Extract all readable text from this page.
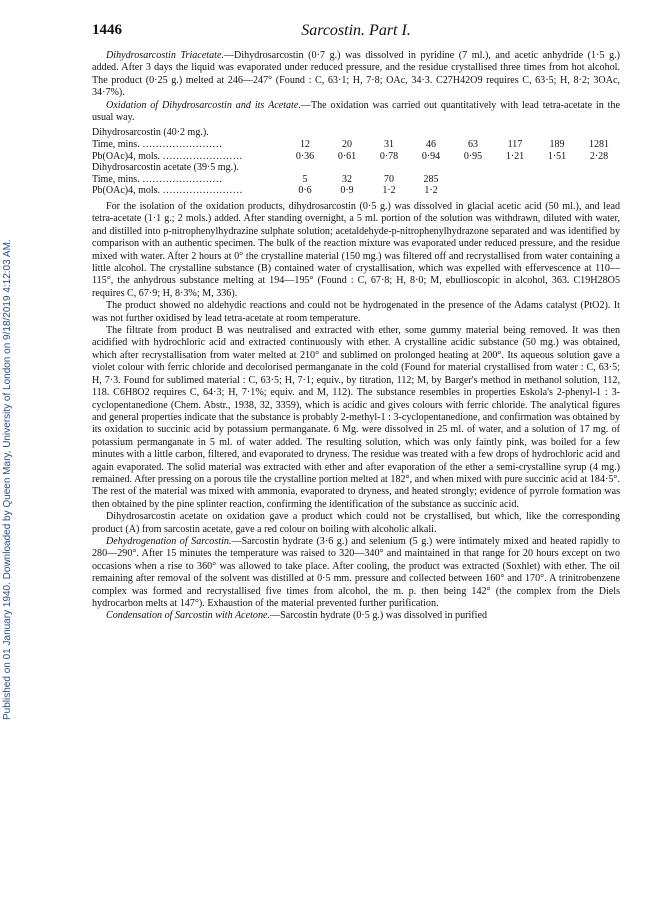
Published on 01 January 1940. Downloaded by Queen Mary, University of London on 9/18/2019 4:12:03 AM.
1446	Sarcostin. Part I.

Dihydrosarcostin Triacetate.—Dihydrosarcostin (0·7 g.) was dissolved in pyridine (7 ml.), and acetic anhydride (1·5 g.) added. After 3 days the liquid was evaporated under reduced pressure, and the residue crystallised three times from hot alcohol. The product (0·25 g.) melted at 246—247° (Found : C, 63·1; H, 7·8; OAc, 34·3. C27H42O9 requires C, 63·5; H, 8·2; 3OAc, 34·7%).

Oxidation of Dihydrosarcostin and its Acetate.—The oxidation was carried out quantitatively with lead tetra-acetate in the usual way.

Dihydrosarcostin (40·2 mg.).								
Time, mins. ……………………	12	20	31	46	63	117	189	1281
Pb(OAc)4, mols. ……………………	0·36	0·61	0·78	0·94	0·95	1·21	1·51	2·28
Dihydrosarcostin acetate (39·5 mg.).								
Time, mins. ……………………	5	32	70	285				
Pb(OAc)4, mols. ……………………	0·6	0·9	1·2	1·2				

For the isolation of the oxidation products, dihydrosarcostin (0·5 g.) was dissolved in glacial acetic acid (50 ml.), and lead tetra-acetate (1·1 g.; 2 mols.) added. After standing overnight, a 5 ml. portion of the solution was withdrawn, diluted with water, and distilled into p-nitrophenylhydrazine sulphate solution; acetaldehyde-p-nitrophenylhydrazone separated and was identified by comparison with an authentic specimen. The bulk of the reaction mixture was evaporated under reduced pressure, and the residue mixed with water. After 2 hours at 0° the crystalline material (150 mg.) was filtered off and recrystallised from water containing a little alcohol. The crystalline substance (B) contained water of crystallisation, which was expelled with effervescence at 110—115°, the anhydrous substance melting at 194—195° (Found : C, 67·8; H, 8·0; M, ebullioscopic in alcohol, 363. C19H28O5 requires C, 67·9; H, 8·3%; M, 336).

The product showed no aldehydic reactions and could not be hydrogenated in the presence of the Adams catalyst (PtO2). It was not further oxidised by lead tetra-acetate at room temperature.

The filtrate from product B was neutralised and extracted with ether, some gummy material being removed. It was then acidified with hydrochloric acid and extracted continuously with ether. A crystalline acidic substance (50 mg.) was obtained, which after recrystallisation from water melted at 210° and sublimed on prolonged heating at 200°. Its aqueous solution gave a violet colour with ferric chloride and decolorised permanganate in the cold (Found for material crystallised from water : C, 63·5; H, 7·3. Found for sublimed material : C, 63·5; H, 7·1; equiv., by titration, 112; M, by Barger's method in methanol solution, 112, 118. C6H8O2 requires C, 64·3; H, 7·1%; equiv. and M, 112). The substance resembles in properties Eskola's 2-phenyl-1 : 3-cyclopentanedione (Chem. Abstr., 1938, 32, 3359), which is acidic and gives colours with ferric chloride. The analytical figures and general properties indicate that the substance is probably 2-methyl-1 : 3-cyclopentanedione, and confirmation was obtained by its oxidation to succinic acid by potassium permanganate. 6 Mg. were dissolved in 25 ml. of water, and a solution of 17 mg. of potassium permanganate in 5 ml. of water added. The resulting solution, which was only faintly pink, was boiled for a few minutes with a little carbon, filtered, and evaporated to dryness. The residue was treated with a few drops of hydrochloric acid and again evaporated. The solid material was extracted with ether and after evaporation of the ether a semi-crystalline syrup (4 mg.) remained. After pressing on a porous tile the crystalline portion melted at 182°, and when mixed with pure succinic acid at 184·5°. The rest of the material was mixed with ammonia, evaporated to dryness, and heated strongly; evidence of pyrrole formation was then obtained by the pine splinter reaction, confirming the identification of the substance as succinic acid.

Dihydrosarcostin acetate on oxidation gave a product which could not be crystallised, but which, like the corresponding product (A) from sarcostin acetate, gave a red colour on boiling with alcoholic alkali.

Dehydrogenation of Sarcostin.—Sarcostin hydrate (3·6 g.) and selenium (5 g.) were intimately mixed and heated rapidly to 280—290°. After 15 minutes the temperature was raised to 320—340° and maintained in that range for 20 hours except on two occasions when a rise to 360° was allowed to take place. After cooling, the product was extracted (Soxhlet) with ether. The oil remaining after removal of the solvent was distilled at 0·5 mm. pressure and collected between 160° and 170°. A trinitrobenzene complex was formed and recrystallised five times from alcohol, the m. p. then being 142° (the complex from the Diels hydrocarbon melts at 147°). Exhaustion of the material prevented further purification.

Condensation of Sarcostin with Acetone.—Sarcostin hydrate (0·5 g.) was dissolved in purified
